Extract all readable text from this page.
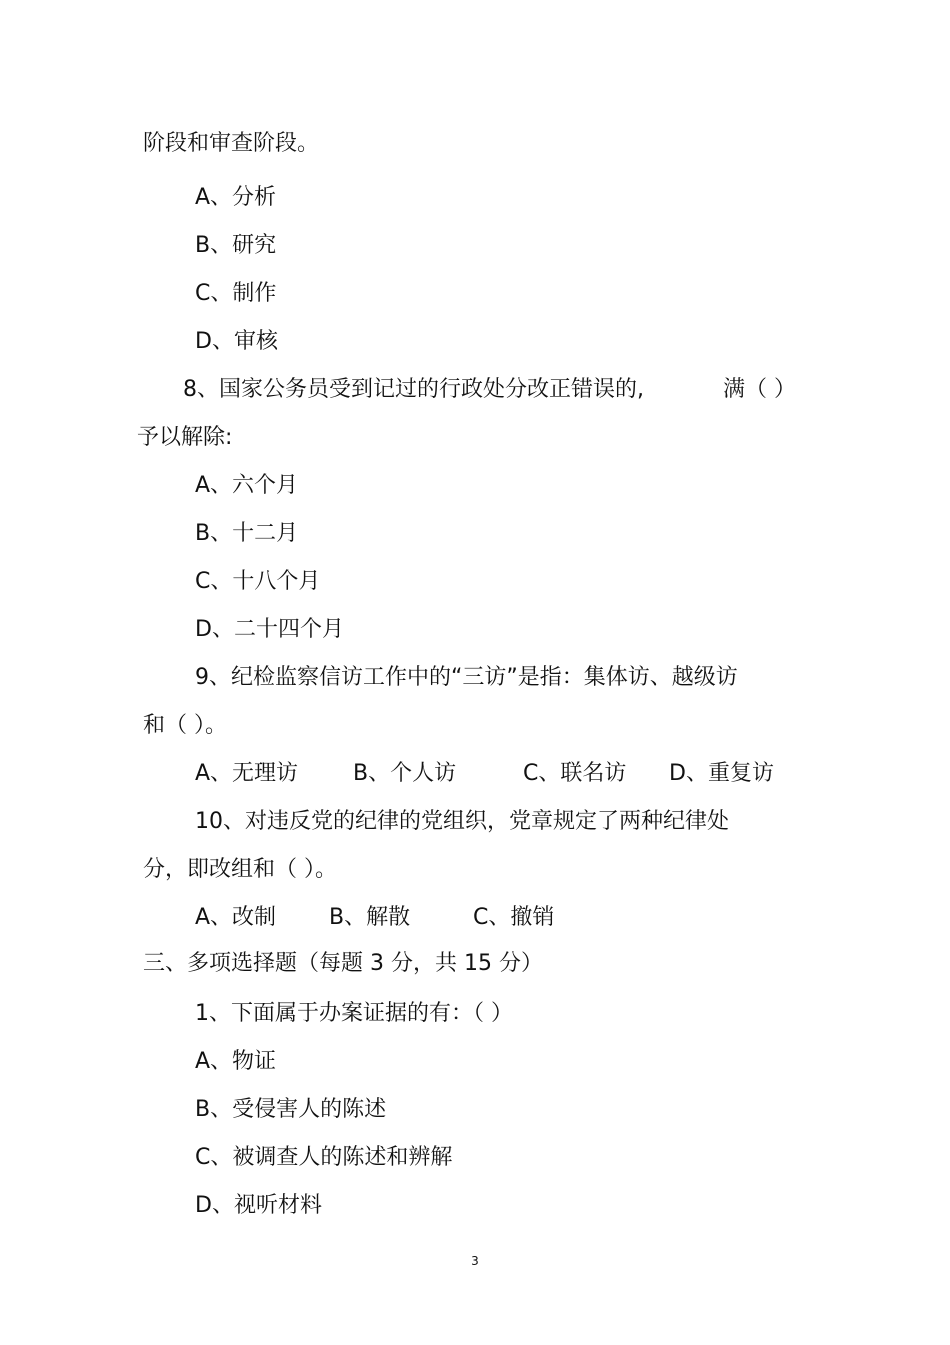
阶段和审查阶段。
A、分析
B、研究
C、制作
D、审核
8、国家公务员受到记过的行政处分改正错误的,	满（ ）
予以解除:
A、六个月
B、十二月
C、十八个月
D、二十四个月
9、纪检监察信访工作中的“三访”是指：集体访、越级访
和（ ）。
A、无理访 B、个人访	C、联名访 D、重复访
10、对违反党的纪律的党组织，党章规定了两种纪律处
分，即改组和（ ）。
A、改制 B、解散	C、撤销
三、多项选择题（每题 3 分，共 15 分）
1、下面属于办案证据的有：（ ）
A、物证
B、受侵害人的陈述
C、被调查人的陈述和辨解
D、视听材料
3
